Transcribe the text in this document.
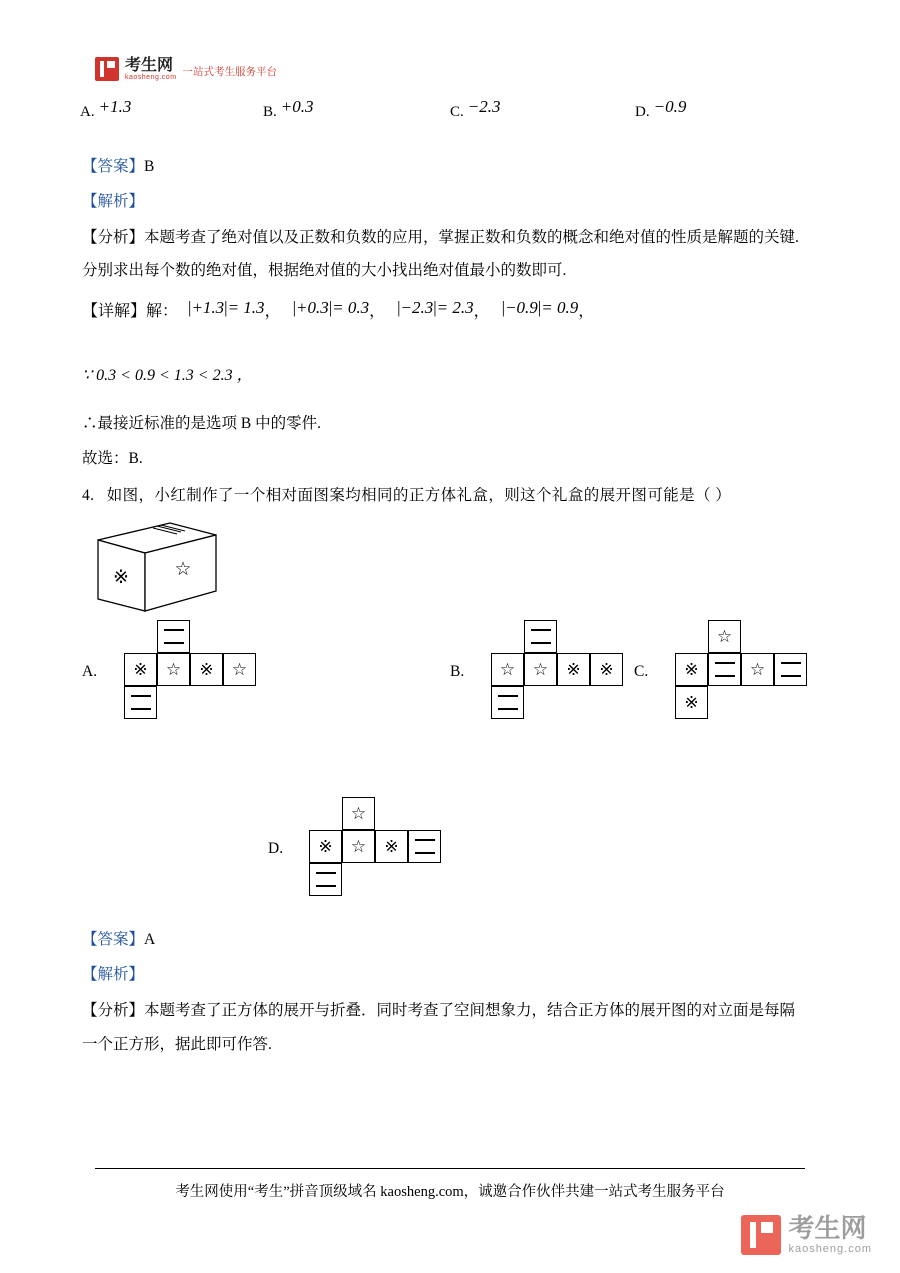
考生网
kaosheng.com 一站式考生服务平台
A. +1.3	B. +0.3	C. −2.3	D. −0.9
【答案】B
【解析】
【分析】本题考查了绝对值以及正数和负数的应用，掌握正数和负数的概念和绝对值的性质是解题的关键.
分别求出每个数的绝对值，根据绝对值的大小找出绝对值最小的数即可.
【详解】解： |+1.3|= 1.3， |+0.3|= 0.3， |−2.3|= 2.3， |−0.9|= 0.9，
∵ 0.3 < 0.9 < 1.3 < 2.3 ，
∴最接近标准的是选项 B 中的零件.
故选：B.
4. 如图，小红制作了一个相对面图案均相同的正方体礼盒，则这个礼盒的展开图可能是（ ）
※ ☆
A. ※ ☆ ※ ☆	B. ☆ ☆ ※ ※ C.
☆
※	☆
※
D.
☆
※ ☆ ※
【答案】A
【解析】
【分析】本题考查了正方体的展开与折叠．同时考查了空间想象力，结合正方体的展开图的对立面是每隔
一个正方形，据此即可作答.
考生网使用“考生”拼音顶级域名 kaosheng.com，诚邀合作伙伴共建一站式考生服务平台
考生网
kaosheng.com
